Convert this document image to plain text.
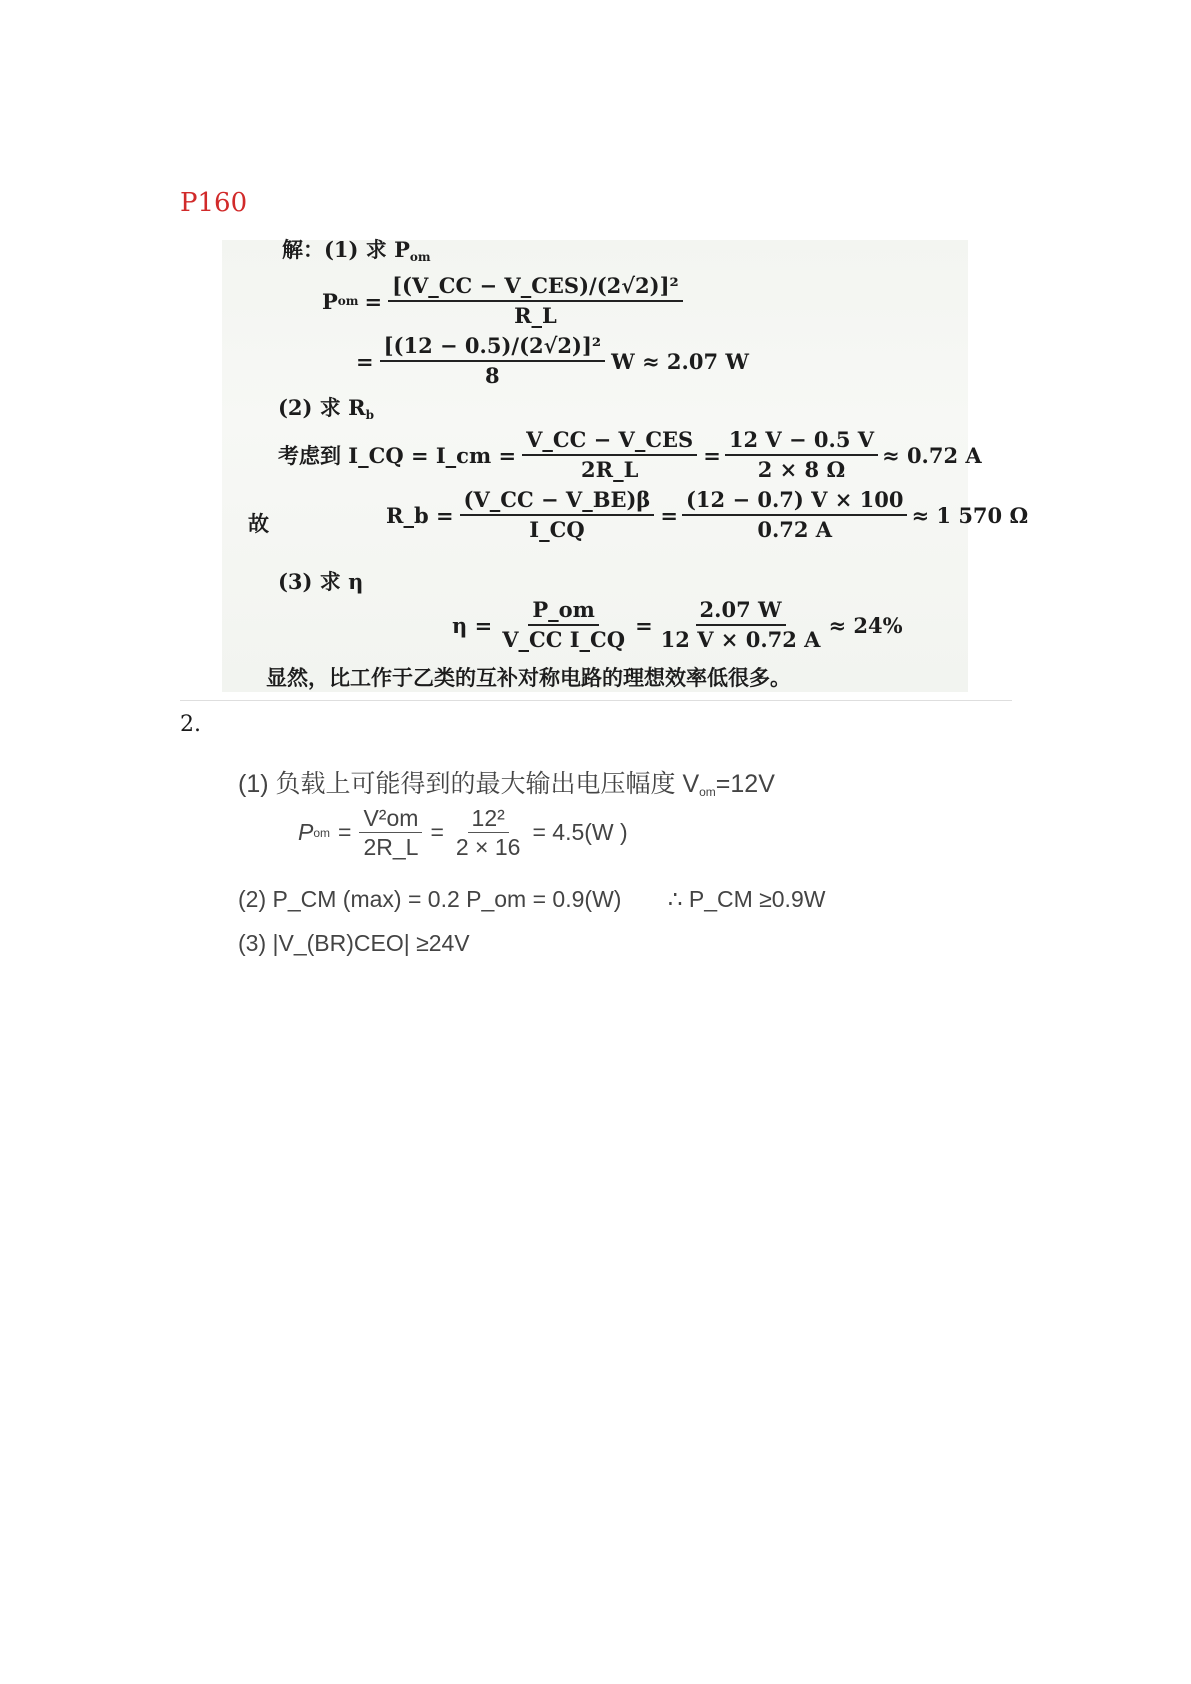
P160
解：(1) 求 $P_{om}$
P om = $\frac{\text{[(V\_CC − V\_CES)/(2√2)]²}}{R\_L}$
= $\frac{\text{[(12 − 0.5)/(2√2)]²}}{8}$ W ≈ 2.07 W
(2) 求 $R_b$
考虑到 I_CQ = I_cm = $\frac{\text{V\_CC − V\_CES}}{2R\_L} = \frac{12 V - 0.5 V}{2 \times 8 \Omega} \approx 0.72$ A
故	R_b = $\frac{(V\_CC - V\_BE)\beta}{I\_CQ} = \frac{(12 - 0.7) V \times 100}{0.72 A} \approx 1$ 570 Ω
(3) 求 η
$\eta = \frac{P\_om}{\text{V\_CC I\_CQ}} = \frac{2.07 W}{12 V \times 0.72 A} \approx 24\%$
显然，比工作于乙类的互补对称电路的理想效率低很多。
2.
(1) 负载上可能得到的最大输出电压幅度 $V_{om}=12V$
P om = $\frac{\text{V²om}}{2R\_L} = \frac{\text{12²}}{2 \times 16} = 4.5(W$ )
(2) P_CM (max) = 0.2 P_om = 0.9(W) ∴ P_CM ≥0.9W
(3) |V_(BR)CEO| ≥24V
